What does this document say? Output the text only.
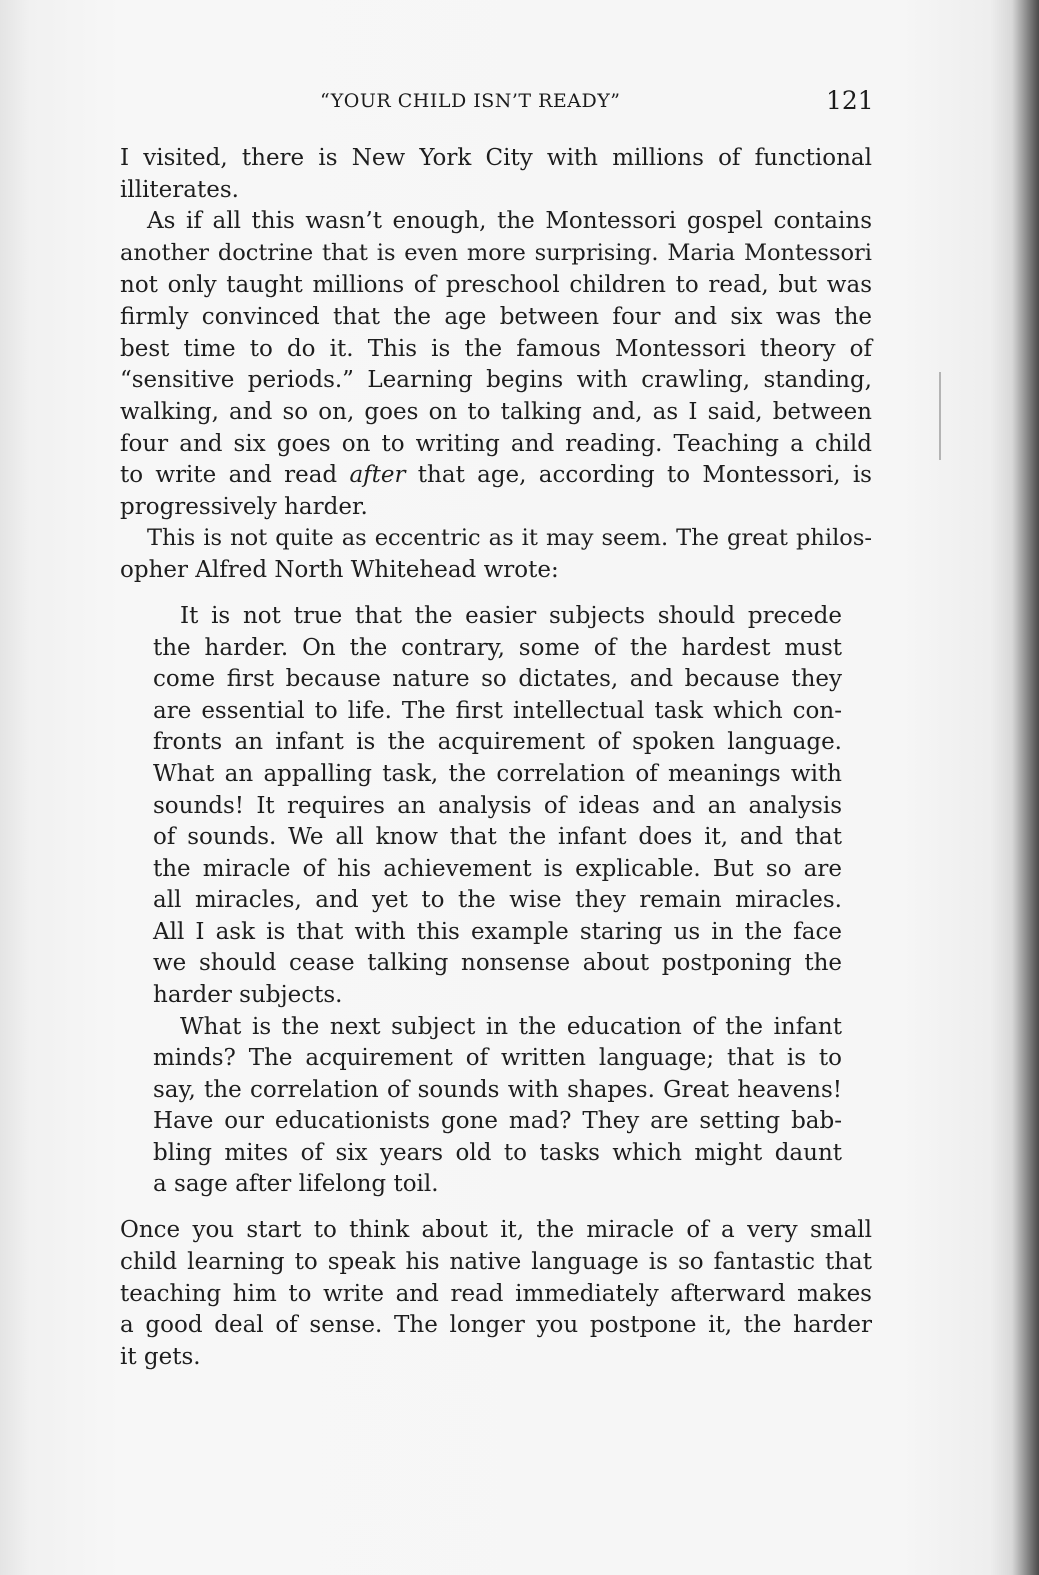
“YOUR CHILD ISN’T READY”	121
I visited, there is New York City with millions of functional
illiterates.
As if all this wasn’t enough, the Montessori gospel contains
another doctrine that is even more surprising. Maria Montessori
not only taught millions of preschool children to read, but was
firmly convinced that the age between four and six was the
best time to do it. This is the famous Montessori theory of
“sensitive periods.” Learning begins with crawling, standing,
walking, and so on, goes on to talking and, as I said, between
four and six goes on to writing and reading. Teaching a child
to write and read after that age, according to Montessori, is
progressively harder.
This is not quite as eccentric as it may seem. The great philos-
opher Alfred North Whitehead wrote:
It is not true that the easier subjects should precede
the harder. On the contrary, some of the hardest must
come first because nature so dictates, and because they
are essential to life. The first intellectual task which con-
fronts an infant is the acquirement of spoken language.
What an appalling task, the correlation of meanings with
sounds! It requires an analysis of ideas and an analysis
of sounds. We all know that the infant does it, and that
the miracle of his achievement is explicable. But so are
all miracles, and yet to the wise they remain miracles.
All I ask is that with this example staring us in the face
we should cease talking nonsense about postponing the
harder subjects.
What is the next subject in the education of the infant
minds? The acquirement of written language; that is to
say, the correlation of sounds with shapes. Great heavens!
Have our educationists gone mad? They are setting bab-
bling mites of six years old to tasks which might daunt
a sage after lifelong toil.
Once you start to think about it, the miracle of a very small
child learning to speak his native language is so fantastic that
teaching him to write and read immediately afterward makes
a good deal of sense. The longer you postpone it, the harder
it gets.
